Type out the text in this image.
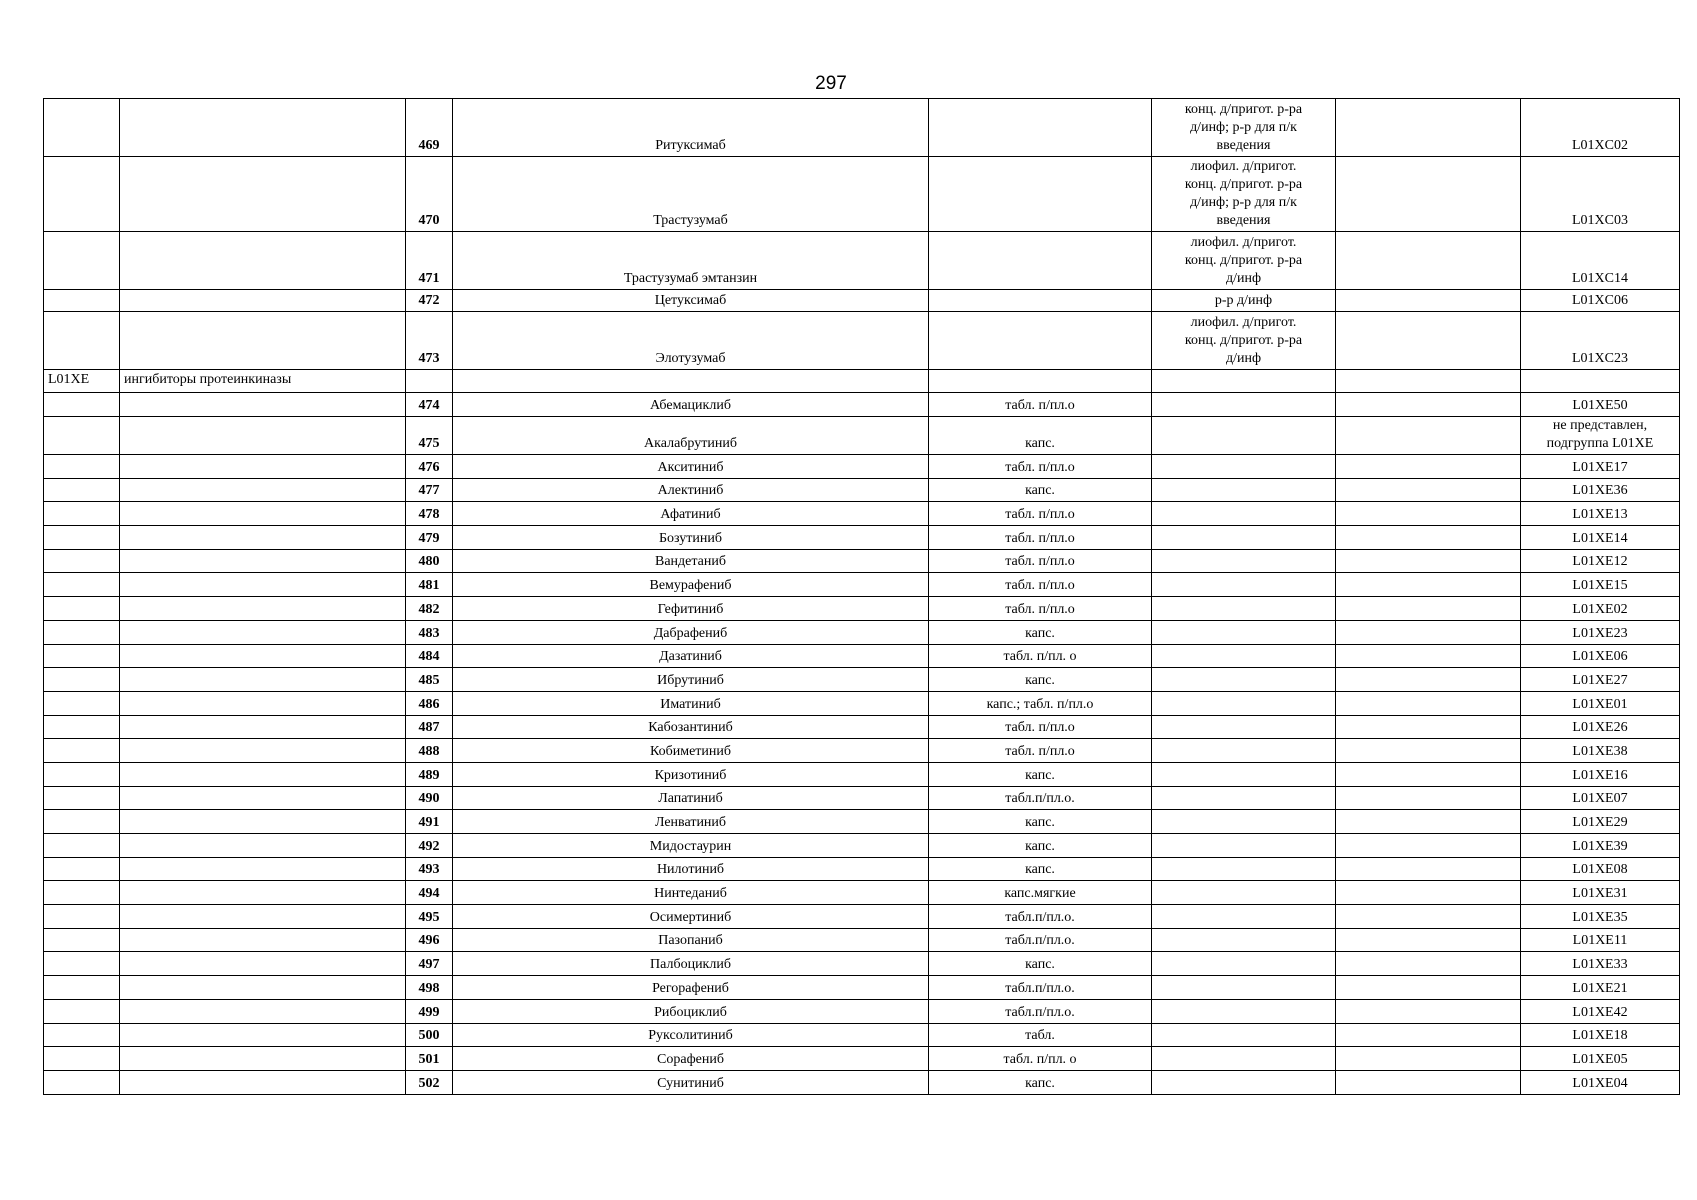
297
		469	Ритуксимаб		конц. д/пригот. р-ра
д/инф; р-р для п/к
введения		L01XC02
		470	Трастузумаб		лиофил. д/пригот.
конц. д/пригот. р-ра
д/инф; р-р для п/к
введения		L01XC03
		471	Трастузумаб эмтанзин		лиофил. д/пригот.
конц. д/пригот. р-ра
д/инф		L01XC14
		472	Цетуксимаб		р-р д/инф		L01XC06
		473	Элотузумаб		лиофил. д/пригот.
конц. д/пригот. р-ра
д/инф		L01XC23
L01XE	ингибиторы протеинкиназы						
		474	Абемациклиб	табл. п/пл.о			L01XE50
		475	Акалабрутиниб	капс.			не представлен,
подгруппа L01XE
		476	Акситиниб	табл. п/пл.о			L01XE17
		477	Алектиниб	капс.			L01XE36
		478	Афатиниб	табл. п/пл.о			L01XE13
		479	Бозутиниб	табл. п/пл.о			L01XE14
		480	Вандетаниб	табл. п/пл.о			L01XE12
		481	Вемурафениб	табл. п/пл.о			L01XE15
		482	Гефитиниб	табл. п/пл.о			L01XE02
		483	Дабрафениб	капс.			L01XE23
		484	Дазатиниб	табл. п/пл. о			L01XE06
		485	Ибрутиниб	капс.			L01XE27
		486	Иматиниб	капс.; табл. п/пл.о			L01XE01
		487	Кабозантиниб	табл. п/пл.о			L01XE26
		488	Кобиметиниб	табл. п/пл.о			L01XE38
		489	Кризотиниб	капс.			L01XE16
		490	Лапатиниб	табл.п/пл.о.			L01XE07
		491	Ленватиниб	капс.			L01XE29
		492	Мидостаурин	капс.			L01XE39
		493	Нилотиниб	капс.			L01XE08
		494	Нинтеданиб	капс.мягкие			L01XE31
		495	Осимертиниб	табл.п/пл.о.			L01XE35
		496	Пазопаниб	табл.п/пл.о.			L01XE11
		497	Палбоциклиб	капс.			L01XE33
		498	Регорафениб	табл.п/пл.о.			L01XE21
		499	Рибоциклиб	табл.п/пл.о.			L01XE42
		500	Руксолитиниб	табл.			L01XE18
		501	Сорафениб	табл. п/пл. о			L01XE05
		502	Сунитиниб	капс.			L01XE04
